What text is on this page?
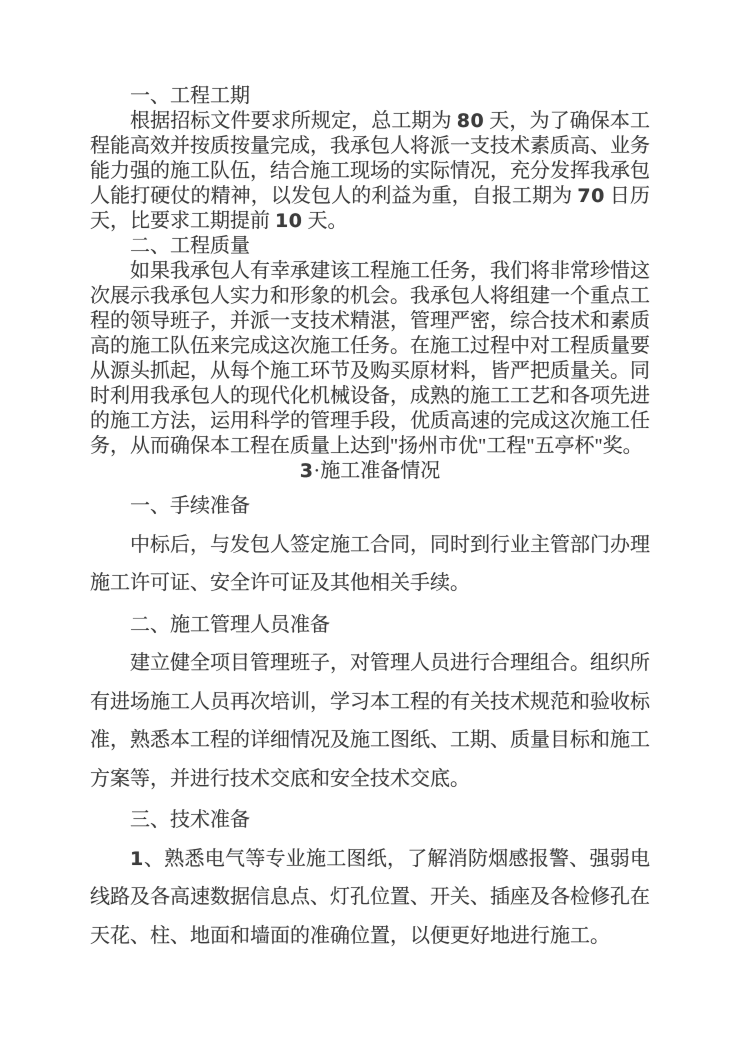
一、工程工期

根据招标文件要求所规定，总工期为 80 天，为了确保本工程能高效并按质按量完成，我承包人将派一支技术素质高、业务能力强的施工队伍，结合施工现场的实际情况，充分发挥我承包人能打硬仗的精神，以发包人的利益为重，自报工期为 70 日历天，比要求工期提前 10 天。

二、工程质量

如果我承包人有幸承建该工程施工任务，我们将非常珍惜这次展示我承包人实力和形象的机会。我承包人将组建一个重点工程的领导班子，并派一支技术精湛，管理严密，综合技术和素质高的施工队伍来完成这次施工任务。在施工过程中对工程质量要从源头抓起，从每个施工环节及购买原材料，皆严把质量关。同时利用我承包人的现代化机械设备，成熟的施工工艺和各项先进的施工方法，运用科学的管理手段，优质高速的完成这次施工任务，从而确保本工程在质量上达到"扬州市优"工程"五亭杯"奖。

3·施工准备情况

一、手续准备

中标后，与发包人签定施工合同，同时到行业主管部门办理施工许可证、安全许可证及其他相关手续。

二、施工管理人员准备

建立健全项目管理班子，对管理人员进行合理组合。组织所有进场施工人员再次培训，学习本工程的有关技术规范和验收标准，熟悉本工程的详细情况及施工图纸、工期、质量目标和施工方案等，并进行技术交底和安全技术交底。

三、技术准备

1、熟悉电气等专业施工图纸，了解消防烟感报警、强弱电线路及各高速数据信息点、灯孔位置、开关、插座及各检修孔在天花、柱、地面和墙面的准确位置，以便更好地进行施工。
